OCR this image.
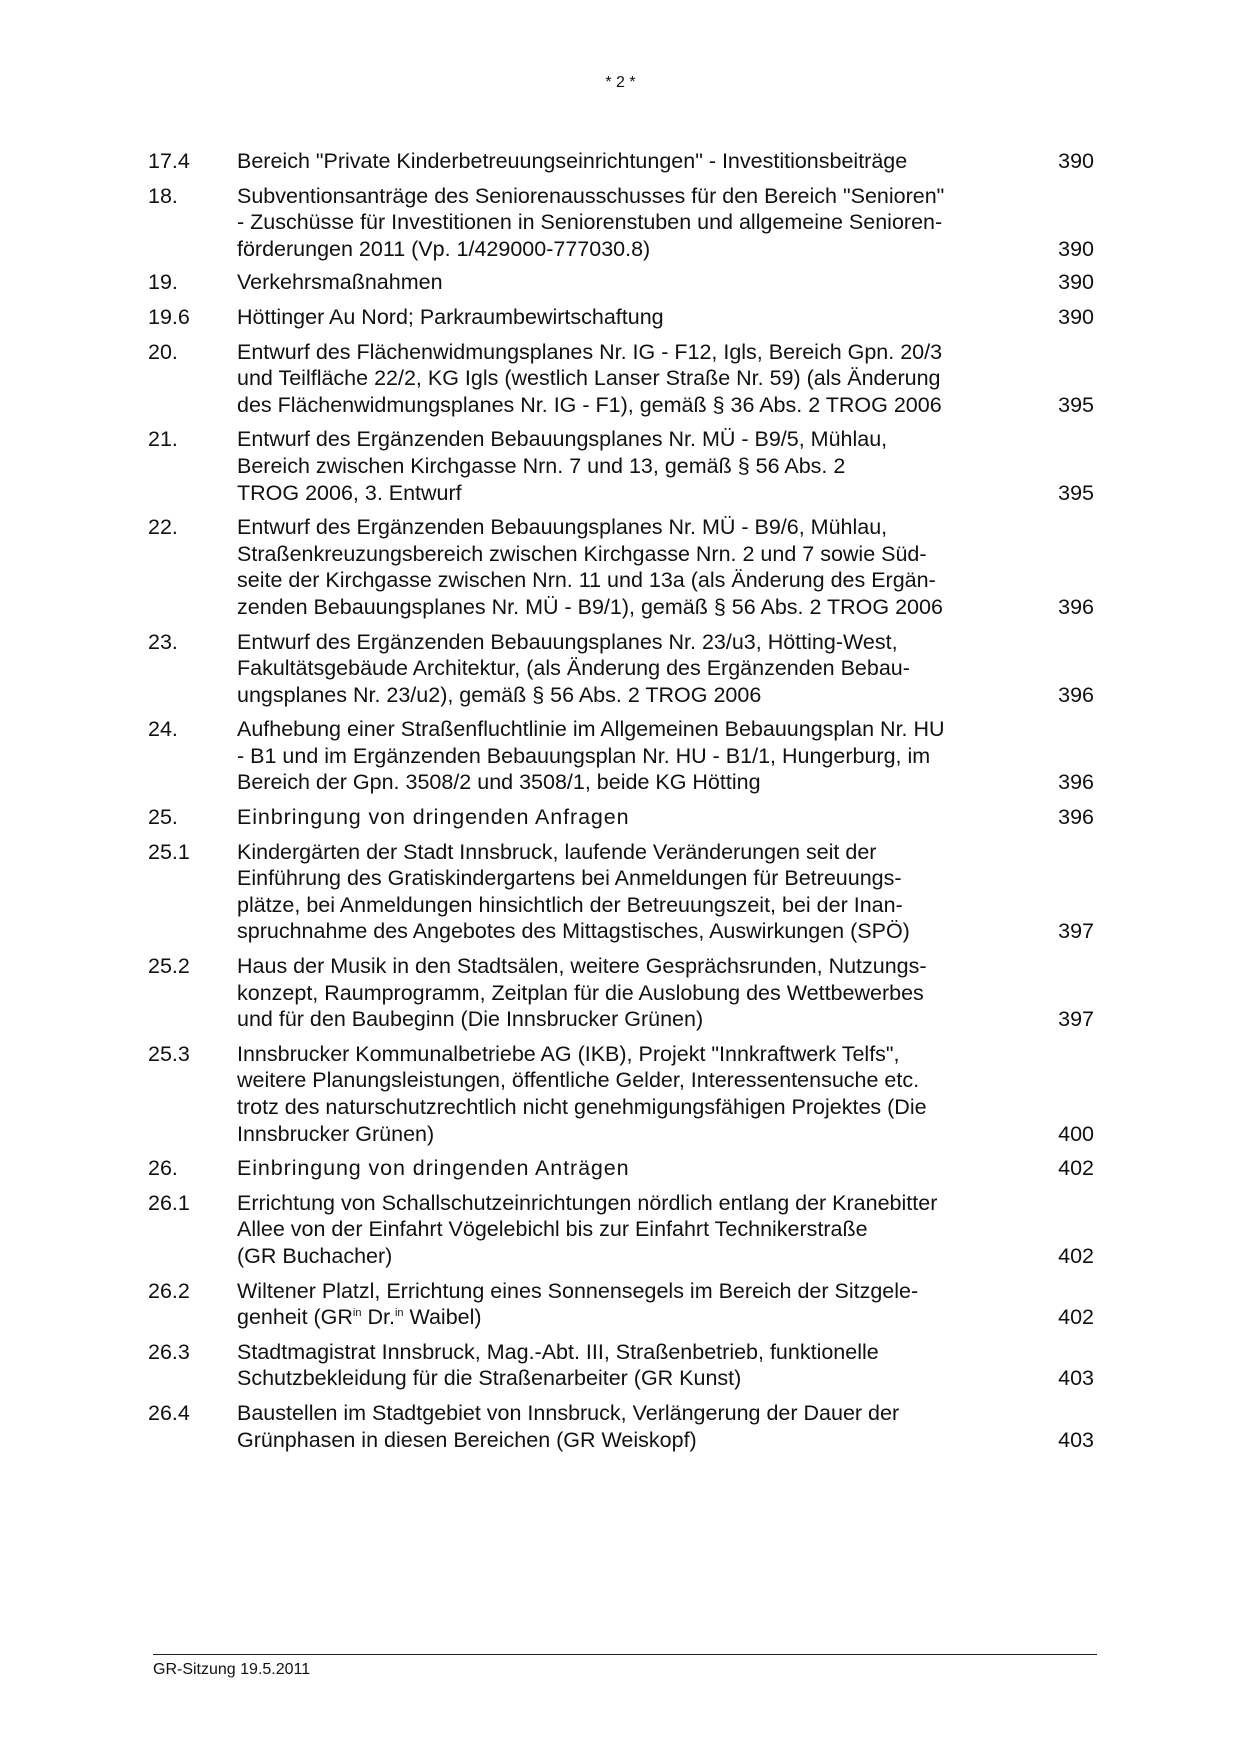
* 2 *
17.4 Bereich "Private Kinderbetreuungseinrichtungen" - Investitionsbeiträge	390
18.	Subventionsanträge des Seniorenausschusses für den Bereich "Senioren"
- Zuschüsse für Investitionen in Seniorenstuben und allgemeine Senioren-
förderungen 2011 (Vp. 1/429000-777030.8)	390
19.	Verkehrsmaßnahmen	390
19.6 Höttinger Au Nord; Parkraumbewirtschaftung	390
20.	Entwurf des Flächenwidmungsplanes Nr. IG - F12, Igls, Bereich Gpn. 20/3
und Teilfläche 22/2, KG Igls (westlich Lanser Straße Nr. 59) (als Änderung
des Flächenwidmungsplanes Nr. IG - F1), gemäß § 36 Abs. 2 TROG 2006	395
21.	Entwurf des Ergänzenden Bebauungsplanes Nr. MÜ - B9/5, Mühlau,
Bereich zwischen Kirchgasse Nrn. 7 und 13, gemäß § 56 Abs. 2
TROG 2006, 3. Entwurf	395
22.	Entwurf des Ergänzenden Bebauungsplanes Nr. MÜ - B9/6, Mühlau,
Straßenkreuzungsbereich zwischen Kirchgasse Nrn. 2 und 7 sowie Süd-
seite der Kirchgasse zwischen Nrn. 11 und 13a (als Änderung des Ergän-
zenden Bebauungsplanes Nr. MÜ - B9/1), gemäß § 56 Abs. 2 TROG 2006	396
23.	Entwurf des Ergänzenden Bebauungsplanes Nr. 23/u3, Hötting-West,
Fakultätsgebäude Architektur, (als Änderung des Ergänzenden Bebau-
ungsplanes Nr. 23/u2), gemäß § 56 Abs. 2 TROG 2006	396
24.	Aufhebung einer Straßenfluchtlinie im Allgemeinen Bebauungsplan Nr. HU
- B1 und im Ergänzenden Bebauungsplan Nr. HU - B1/1, Hungerburg, im
Bereich der Gpn. 3508/2 und 3508/1, beide KG Hötting	396
25.	Einbringung von dringenden Anfragen	396
25.1 Kindergärten der Stadt Innsbruck, laufende Veränderungen seit der
Einführung des Gratiskindergartens bei Anmeldungen für Betreuungs-
plätze, bei Anmeldungen hinsichtlich der Betreuungszeit, bei der Inan-
spruchnahme des Angebotes des Mittagstisches, Auswirkungen (SPÖ)	397
25.2 Haus der Musik in den Stadtsälen, weitere Gesprächsrunden, Nutzungs-
konzept, Raumprogramm, Zeitplan für die Auslobung des Wettbewerbes
und für den Baubeginn (Die Innsbrucker Grünen)	397
25.3 Innsbrucker Kommunalbetriebe AG (IKB), Projekt "Innkraftwerk Telfs",
weitere Planungsleistungen, öffentliche Gelder, Interessentensuche etc.
trotz des naturschutzrechtlich nicht genehmigungsfähigen Projektes (Die
Innsbrucker Grünen)	400
26.	Einbringung von dringenden Anträgen	402
26.1 Errichtung von Schallschutzeinrichtungen nördlich entlang der Kranebitter
Allee von der Einfahrt Vögelebichl bis zur Einfahrt Technikerstraße
(GR Buchacher)	402
26.2 Wiltener Platzl, Errichtung eines Sonnensegels im Bereich der Sitzgele-
genheit ($GR^{in}$ Dr.$^{in}$ Waibel)	402
26.3 Stadtmagistrat Innsbruck, Mag.-Abt. III, Straßenbetrieb, funktionelle
Schutzbekleidung für die Straßenarbeiter (GR Kunst)	403
26.4 Baustellen im Stadtgebiet von Innsbruck, Verlängerung der Dauer der
Grünphasen in diesen Bereichen (GR Weiskopf)	403
GR-Sitzung 19.5.2011
